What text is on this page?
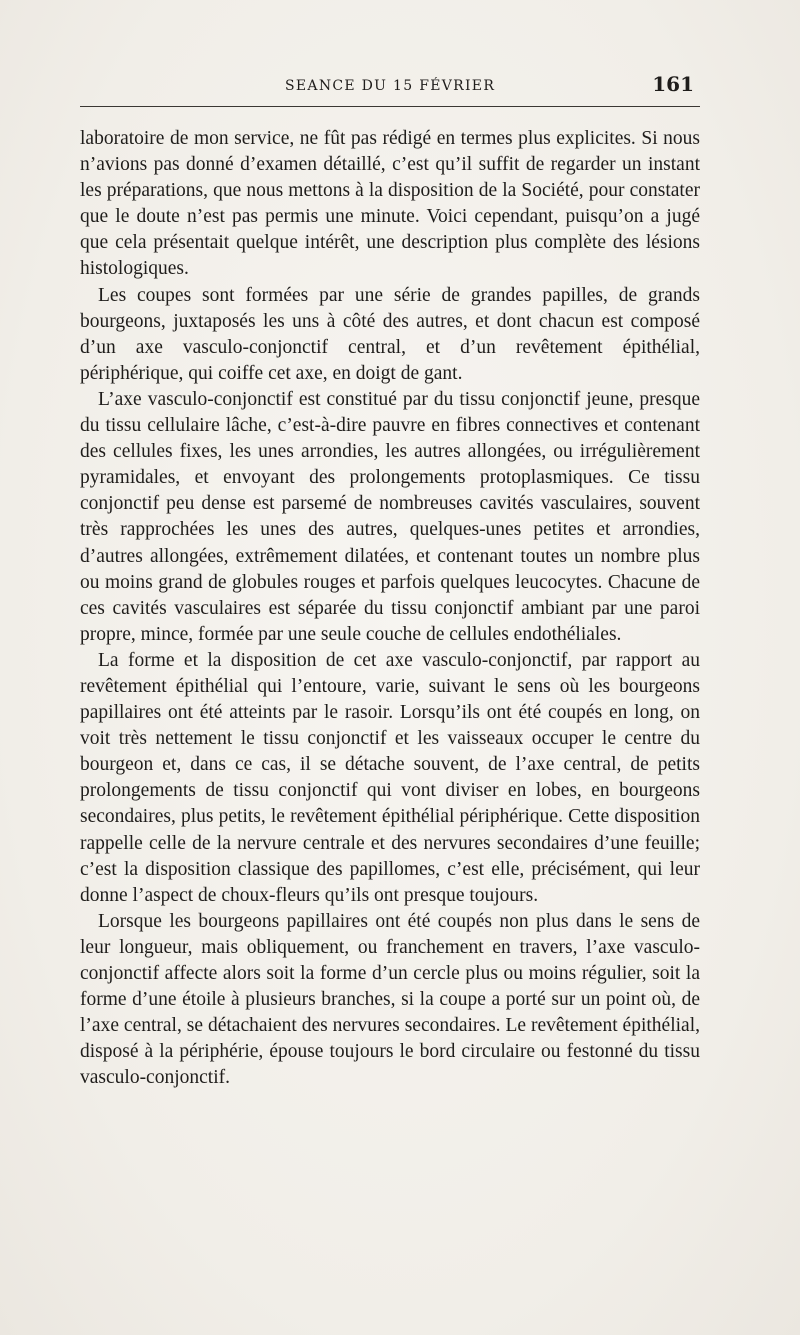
SEANCE DU 15 FÉVRIER	161

laboratoire de mon service, ne fût pas rédigé en termes plus explicites. Si nous n’avions pas donné d’examen détaillé, c’est qu’il suffit de regarder un instant les préparations, que nous mettons à la disposition de la Société, pour constater que le doute n’est pas permis une minute. Voici cependant, puisqu’on a jugé que cela présentait quelque intérêt, une description plus complète des lésions histologiques.

Les coupes sont formées par une série de grandes papilles, de grands bourgeons, juxtaposés les uns à côté des autres, et dont chacun est composé d’un axe vasculo-conjonctif central, et d’un revêtement épithélial, périphérique, qui coiffe cet axe, en doigt de gant.

L’axe vasculo-conjonctif est constitué par du tissu conjonctif jeune, presque du tissu cellulaire lâche, c’est-à-dire pauvre en fibres connectives et contenant des cellules fixes, les unes arrondies, les autres allongées, ou irrégulièrement pyramidales, et envoyant des prolongements protoplasmiques. Ce tissu conjonctif peu dense est parsemé de nombreuses cavités vasculaires, souvent très rapprochées les unes des autres, quelques-unes petites et arrondies, d’autres allongées, extrêmement dilatées, et contenant toutes un nombre plus ou moins grand de globules rouges et parfois quelques leucocytes. Chacune de ces cavités vasculaires est séparée du tissu conjonctif ambiant par une paroi propre, mince, formée par une seule couche de cellules endothéliales.

La forme et la disposition de cet axe vasculo-conjonctif, par rapport au revêtement épithélial qui l’entoure, varie, suivant le sens où les bourgeons papillaires ont été atteints par le rasoir. Lorsqu’ils ont été coupés en long, on voit très nettement le tissu conjonctif et les vaisseaux occuper le centre du bourgeon et, dans ce cas, il se détache souvent, de l’axe central, de petits prolongements de tissu conjonctif qui vont diviser en lobes, en bourgeons secondaires, plus petits, le revêtement épithélial périphérique. Cette disposition rappelle celle de la nervure centrale et des nervures secondaires d’une feuille; c’est la disposition classique des papillomes, c’est elle, précisément, qui leur donne l’aspect de choux-fleurs qu’ils ont presque toujours.

Lorsque les bourgeons papillaires ont été coupés non plus dans le sens de leur longueur, mais obliquement, ou franchement en travers, l’axe vasculo-conjonctif affecte alors soit la forme d’un cercle plus ou moins régulier, soit la forme d’une étoile à plusieurs branches, si la coupe a porté sur un point où, de l’axe central, se détachaient des nervures secondaires. Le revêtement épithélial, disposé à la périphérie, épouse toujours le bord circulaire ou festonné du tissu vasculo-conjonctif.
